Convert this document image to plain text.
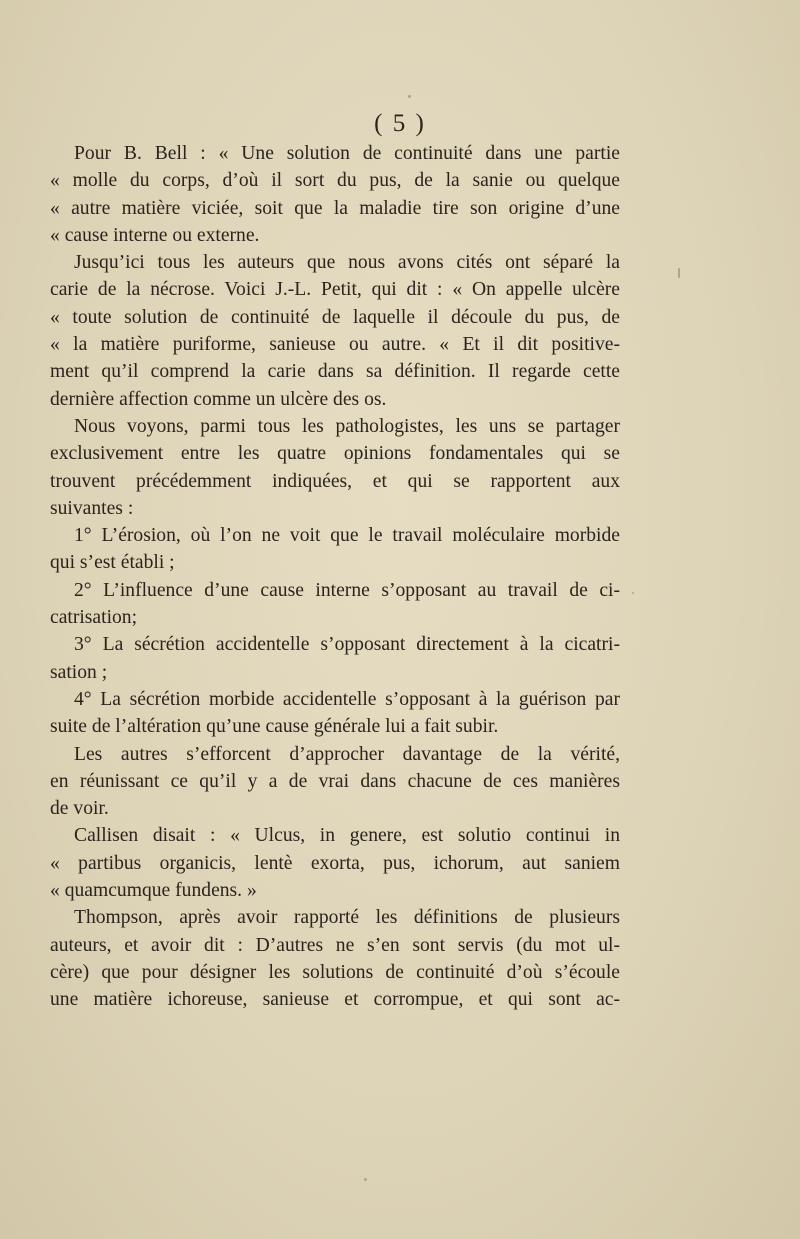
( 5 )
Pour B. Bell : « Une solution de continuité dans une partie
« molle du corps, d’où il sort du pus, de la sanie ou quelque
« autre matière viciée, soit que la maladie tire son origine d’une
« cause interne ou externe.
Jusqu’ici tous les auteurs que nous avons cités ont séparé la
carie de la nécrose. Voici J.-L. Petit, qui dit : « On appelle ulcère
« toute solution de continuité de laquelle il découle du pus, de
« la matière puriforme, sanieuse ou autre. « Et il dit positive-
ment qu’il comprend la carie dans sa définition. Il regarde cette
dernière affection comme un ulcère des os.
Nous voyons, parmi tous les pathologistes, les uns se partager
exclusivement entre les quatre opinions fondamentales qui se
trouvent précédemment indiquées, et qui se rapportent aux
suivantes :
1° L’érosion, où l’on ne voit que le travail moléculaire morbide
qui s’est établi ;
2° L’influence d’une cause interne s’opposant au travail de ci-
catrisation;
3° La sécrétion accidentelle s’opposant directement à la cicatri-
sation ;
4° La sécrétion morbide accidentelle s’opposant à la guérison par
suite de l’altération qu’une cause générale lui a fait subir.
Les autres s’efforcent d’approcher davantage de la vérité,
en réunissant ce qu’il y a de vrai dans chacune de ces manières
de voir.
Callisen disait : « Ulcus, in genere, est solutio continui in
« partibus organicis, lentè exorta, pus, ichorum, aut saniem
« quamcumque fundens. »
Thompson, après avoir rapporté les définitions de plusieurs
auteurs, et avoir dit : D’autres ne s’en sont servis (du mot ul-
cère) que pour désigner les solutions de continuité d’où s’écoule
une matière ichoreuse, sanieuse et corrompue, et qui sont ac-
